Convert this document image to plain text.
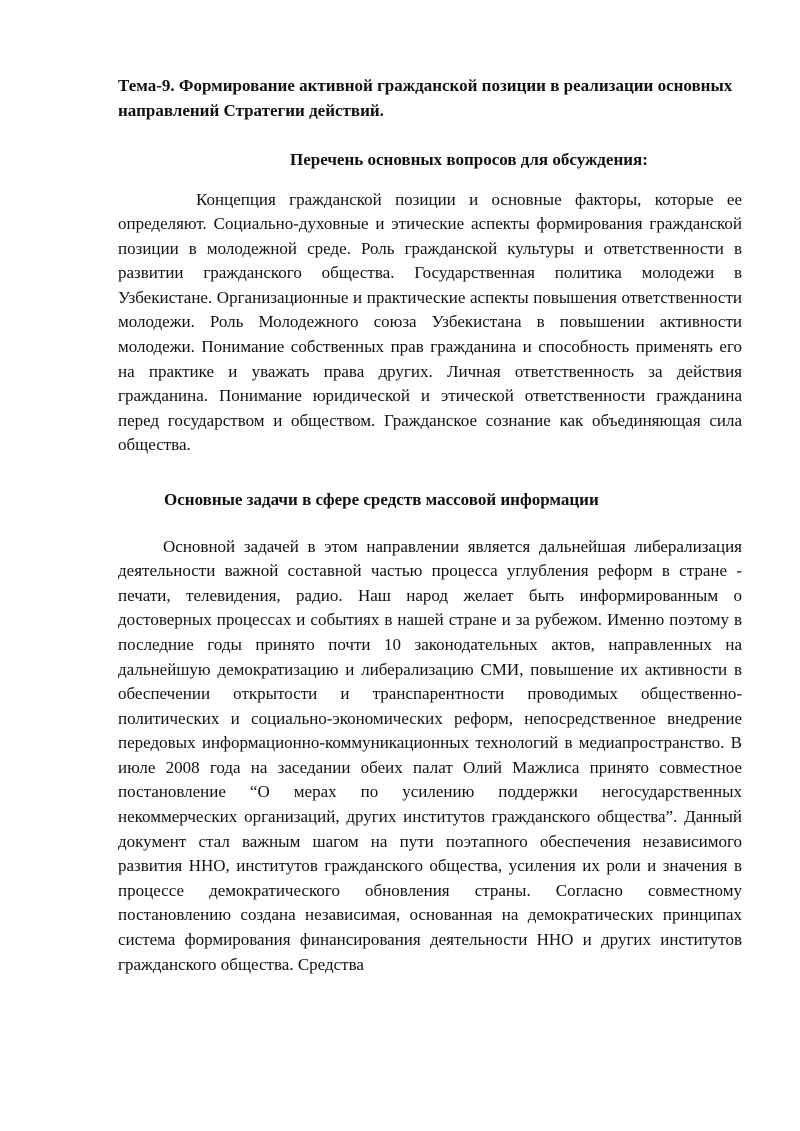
Тема-9. Формирование активной гражданской позиции в реализации основных
направлений Стратегии действий.
Перечень основных вопросов для обсуждения:

Концепция гражданской позиции и основные факторы, которые ее определяют. Социально-духовные и этические аспекты формирования гражданской позиции в молодежной среде. Роль гражданской культуры и ответственности в развитии гражданского общества. Государственная политика молодежи в Узбекистане. Организационные и практические аспекты повышения ответственности молодежи. Роль Молодежного союза Узбекистана в повышении активности молодежи. Понимание собственных прав гражданина и способность применять его на практике и уважать права других. Личная ответственность за действия гражданина. Понимание юридической и этической ответственности гражданина перед государством и обществом. Гражданское сознание как объединяющая сила общества.

Основные задачи в сфере средств массовой информации

Основной задачей в этом направлении является дальнейшая либерализация деятельности важной составной частью процесса углубления реформ в стране - печати, телевидения, радио. Наш народ желает быть информированным о достоверных процессах и событиях в нашей стране и за рубежом. Именно поэтому в последние годы принято почти 10 законодательных актов, направленных на дальнейшую демократизацию и либерализацию СМИ, повышение их активности в обеспечении открытости и транспарентности проводимых общественно-политических и социально-экономических реформ, непосредственное внедрение передовых информационно-коммуникационных технологий в медиапространство. В июле 2008 года на заседании обеих палат Олий Мажлиса принято совместное постановление “О мерах по усилению поддержки негосударственных некоммерческих организаций, других институтов гражданского общества”. Данный документ стал важным шагом на пути поэтапного обеспечения независимого развития ННО, институтов гражданского общества, усиления их роли и значения в процессе демократического обновления страны. Согласно совместному постановлению создана независимая, основанная на демократических принципах система формирования финансирования деятельности ННО и других институтов гражданского общества. Средства
